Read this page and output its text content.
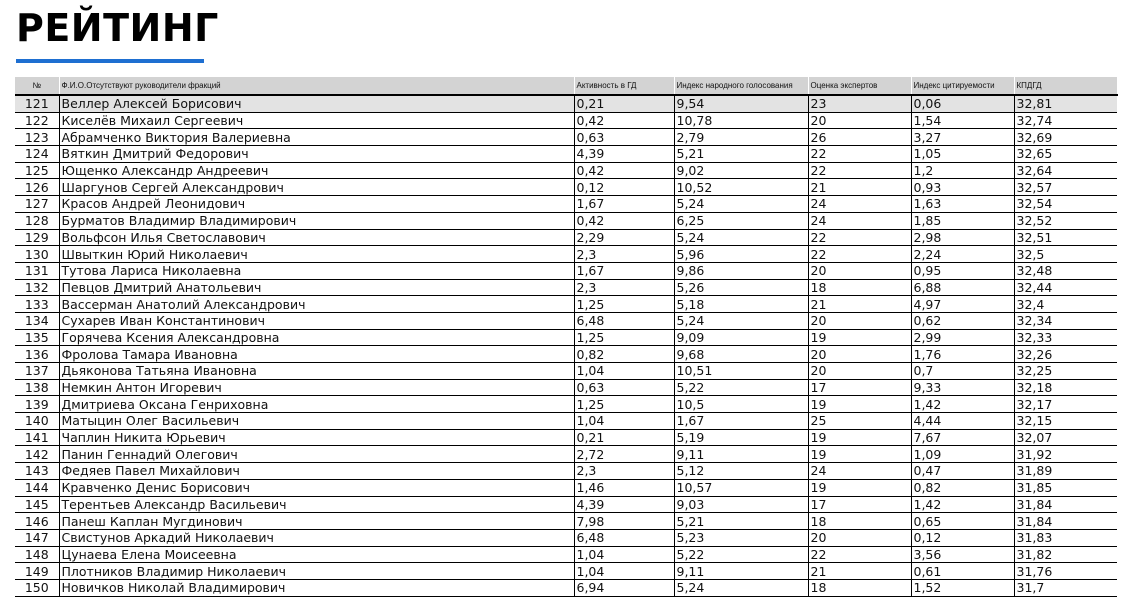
РЕЙТИНГ
№	Ф.И.О.Отсутствуют руководители фракций	Активность в ГД	Индекс народного голосования	Оценка экспертов	Индекс цитируемости	КПДГД
121	Веллер Алексей Борисович	0,21	9,54	23	0,06	32,81
122	Киселёв Михаил Сергеевич	0,42	10,78	20	1,54	32,74
123	Абрамченко Виктория Валериевна	0,63	2,79	26	3,27	32,69
124	Вяткин Дмитрий Федорович	4,39	5,21	22	1,05	32,65
125	Ющенко Александр Андреевич	0,42	9,02	22	1,2	32,64
126	Шаргунов Сергей Александрович	0,12	10,52	21	0,93	32,57
127	Красов Андрей Леонидович	1,67	5,24	24	1,63	32,54
128	Бурматов Владимир Владимирович	0,42	6,25	24	1,85	32,52
129	Вольфсон Илья Светославович	2,29	5,24	22	2,98	32,51
130	Швыткин Юрий Николаевич	2,3	5,96	22	2,24	32,5
131	Тутова Лариса Николаевна	1,67	9,86	20	0,95	32,48
132	Певцов Дмитрий Анатольевич	2,3	5,26	18	6,88	32,44
133	Вассерман Анатолий Александрович	1,25	5,18	21	4,97	32,4
134	Сухарев Иван Константинович	6,48	5,24	20	0,62	32,34
135	Горячева Ксения Александровна	1,25	9,09	19	2,99	32,33
136	Фролова Тамара Ивановна	0,82	9,68	20	1,76	32,26
137	Дьяконова Татьяна Ивановна	1,04	10,51	20	0,7	32,25
138	Немкин Антон Игоревич	0,63	5,22	17	9,33	32,18
139	Дмитриева Оксана Генриховна	1,25	10,5	19	1,42	32,17
140	Матыцин Олег Васильевич	1,04	1,67	25	4,44	32,15
141	Чаплин Никита Юрьевич	0,21	5,19	19	7,67	32,07
142	Панин Геннадий Олегович	2,72	9,11	19	1,09	31,92
143	Федяев Павел Михайлович	2,3	5,12	24	0,47	31,89
144	Кравченко Денис Борисович	1,46	10,57	19	0,82	31,85
145	Терентьев Александр Васильевич	4,39	9,03	17	1,42	31,84
146	Панеш Каплан Мугдинович	7,98	5,21	18	0,65	31,84
147	Свистунов Аркадий Николаевич	6,48	5,23	20	0,12	31,83
148	Цунаева Елена Моисеевна	1,04	5,22	22	3,56	31,82
149	Плотников Владимир Николаевич	1,04	9,11	21	0,61	31,76
150	Новичков Николай Владимирович	6,94	5,24	18	1,52	31,7
